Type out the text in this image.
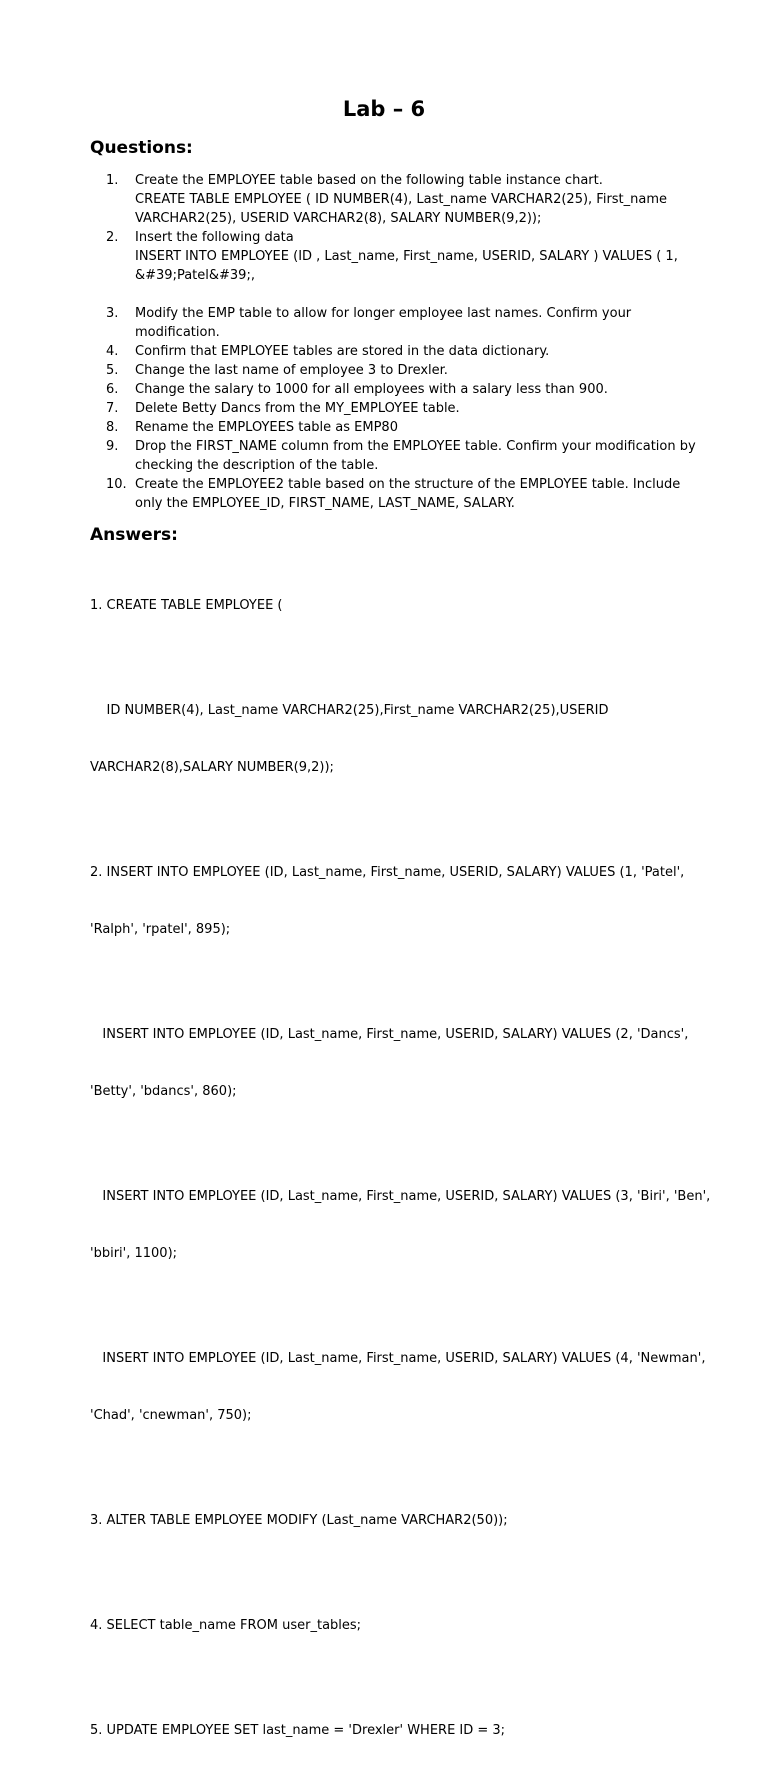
Lab – 6
Questions:
1.	Create the EMPLOYEE table based on the following table instance chart.
CREATE TABLE EMPLOYEE ( ID NUMBER(4), Last_name VARCHAR2(25), First_name
VARCHAR2(25), USERID VARCHAR2(8), SALARY NUMBER(9,2));
2.	Insert the following data
INSERT INTO EMPLOYEE (ID , Last_name, First_name, USERID, SALARY ) VALUES ( 1,
&#39;Patel&#39;,
3.	Modify the EMP table to allow for longer employee last names. Confirm your
modification.
4.	Confirm that EMPLOYEE tables are stored in the data dictionary.
5.	Change the last name of employee 3 to Drexler.
6.	Change the salary to 1000 for all employees with a salary less than 900.
7.	Delete Betty Dancs from the MY_EMPLOYEE table.
8.	Rename the EMPLOYEES table as EMP80
9.	Drop the FIRST_NAME column from the EMPLOYEE table. Confirm your modification by
checking the description of the table.
10. Create the EMPLOYEE2 table based on the structure of the EMPLOYEE table. Include
only the EMPLOYEE_ID, FIRST_NAME, LAST_NAME, SALARY.
Answers:

1. CREATE TABLE EMPLOYEE (

ID NUMBER(4), Last_name VARCHAR2(25),First_name VARCHAR2(25),USERID

VARCHAR2(8),SALARY NUMBER(9,2));

2. INSERT INTO EMPLOYEE (ID, Last_name, First_name, USERID, SALARY) VALUES (1, 'Patel',

'Ralph', 'rpatel', 895);

INSERT INTO EMPLOYEE (ID, Last_name, First_name, USERID, SALARY) VALUES (2, 'Dancs',

'Betty', 'bdancs', 860);

INSERT INTO EMPLOYEE (ID, Last_name, First_name, USERID, SALARY) VALUES (3, 'Biri', 'Ben',

'bbiri', 1100);

INSERT INTO EMPLOYEE (ID, Last_name, First_name, USERID, SALARY) VALUES (4, 'Newman',

'Chad', 'cnewman', 750);

3. ALTER TABLE EMPLOYEE MODIFY (Last_name VARCHAR2(50));

4. SELECT table_name FROM user_tables;

5. UPDATE EMPLOYEE SET last_name = 'Drexler' WHERE ID = 3;
